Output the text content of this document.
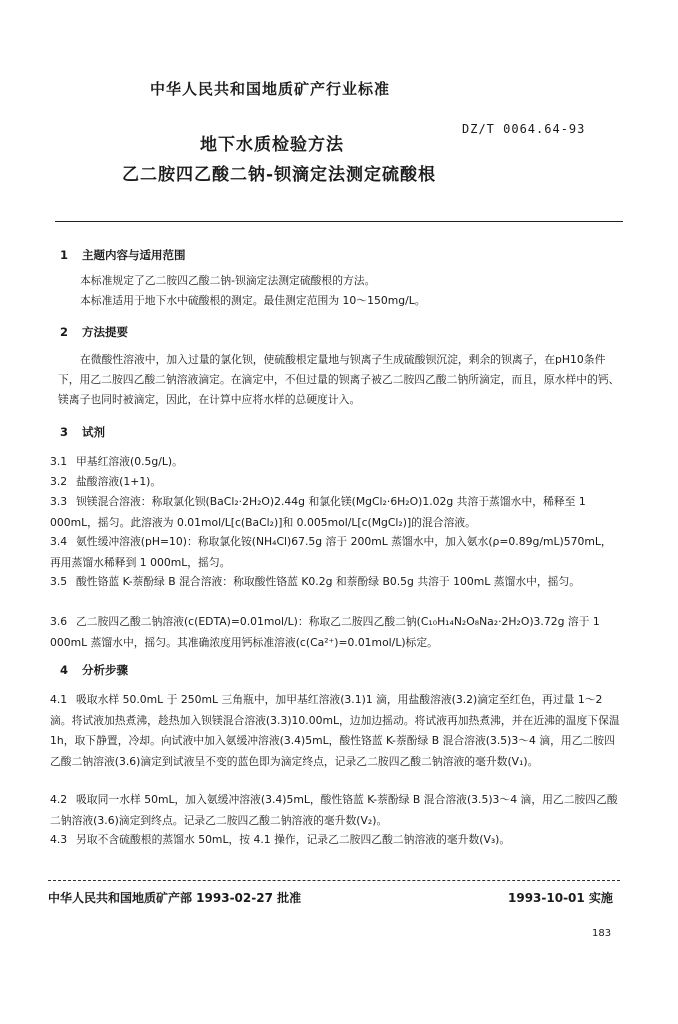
中华人民共和国地质矿产行业标准
DZ/T 0064.64-93
地下水质检验方法
乙二胺四乙酸二钠-钡滴定法测定硫酸根
1 主题内容与适用范围
本标准规定了乙二胺四乙酸二钠-钡滴定法测定硫酸根的方法。
本标准适用于地下水中硫酸根的测定。最佳测定范围为 10～150mg/L。
2 方法提要
在微酸性溶液中，加入过量的氯化钡，使硫酸根定量地与钡离子生成硫酸钡沉淀，剩余的钡离子，在pH10条件下，用乙二胺四乙酸二钠溶液滴定。在滴定中，不但过量的钡离子被乙二胺四乙酸二钠所滴定，而且，原水样中的钙、镁离子也同时被滴定，因此，在计算中应将水样的总硬度计入。
3 试剂
3.1 甲基红溶液(0.5g/L)。
3.2 盐酸溶液(1+1)。
3.3 钡镁混合溶液：称取氯化钡(BaCl₂·2H₂O)2.44g 和氯化镁(MgCl₂·6H₂O)1.02g 共溶于蒸馏水中，稀释至 1 000mL，摇匀。此溶液为 0.01mol/L[c(BaCl₂)]和 0.005mol/L[c(MgCl₂)]的混合溶液。
3.4 氨性缓冲溶液(pH=10)：称取氯化铵(NH₄Cl)67.5g 溶于 200mL 蒸馏水中，加入氨水(ρ=0.89g/mL)570mL，再用蒸馏水稀释到 1 000mL，摇匀。
3.5 酸性铬蓝 K-萘酚绿 B 混合溶液：称取酸性铬蓝 K0.2g 和萘酚绿 B0.5g 共溶于 100mL 蒸馏水中，摇匀。
3.6 乙二胺四乙酸二钠溶液(c(EDTA)=0.01mol/L)：称取乙二胺四乙酸二钠(C₁₀H₁₄N₂O₈Na₂·2H₂O)3.72g 溶于 1 000mL 蒸馏水中，摇匀。其准确浓度用钙标准溶液(c(Ca²⁺)=0.01mol/L)标定。
4 分析步骤
4.1 吸取水样 50.0mL 于 250mL 三角瓶中，加甲基红溶液(3.1)1 滴，用盐酸溶液(3.2)滴定至红色，再过量 1～2 滴。将试液加热煮沸，趁热加入钡镁混合溶液(3.3)10.00mL，边加边摇动。将试液再加热煮沸，并在近沸的温度下保温 1h，取下静置，冷却。向试液中加入氨缓冲溶液(3.4)5mL，酸性铬蓝 K-萘酚绿 B 混合溶液(3.5)3～4 滴，用乙二胺四乙酸二钠溶液(3.6)滴定到试液呈不变的蓝色即为滴定终点，记录乙二胺四乙酸二钠溶液的毫升数(V₁)。
4.2 吸取同一水样 50mL，加入氨缓冲溶液(3.4)5mL，酸性铬蓝 K-萘酚绿 B 混合溶液(3.5)3～4 滴，用乙二胺四乙酸二钠溶液(3.6)滴定到终点。记录乙二胺四乙酸二钠溶液的毫升数(V₂)。
4.3 另取不含硫酸根的蒸馏水 50mL，按 4.1 操作，记录乙二胺四乙酸二钠溶液的毫升数(V₃)。
中华人民共和国地质矿产部 1993-02-27 批准	1993-10-01 实施
183
